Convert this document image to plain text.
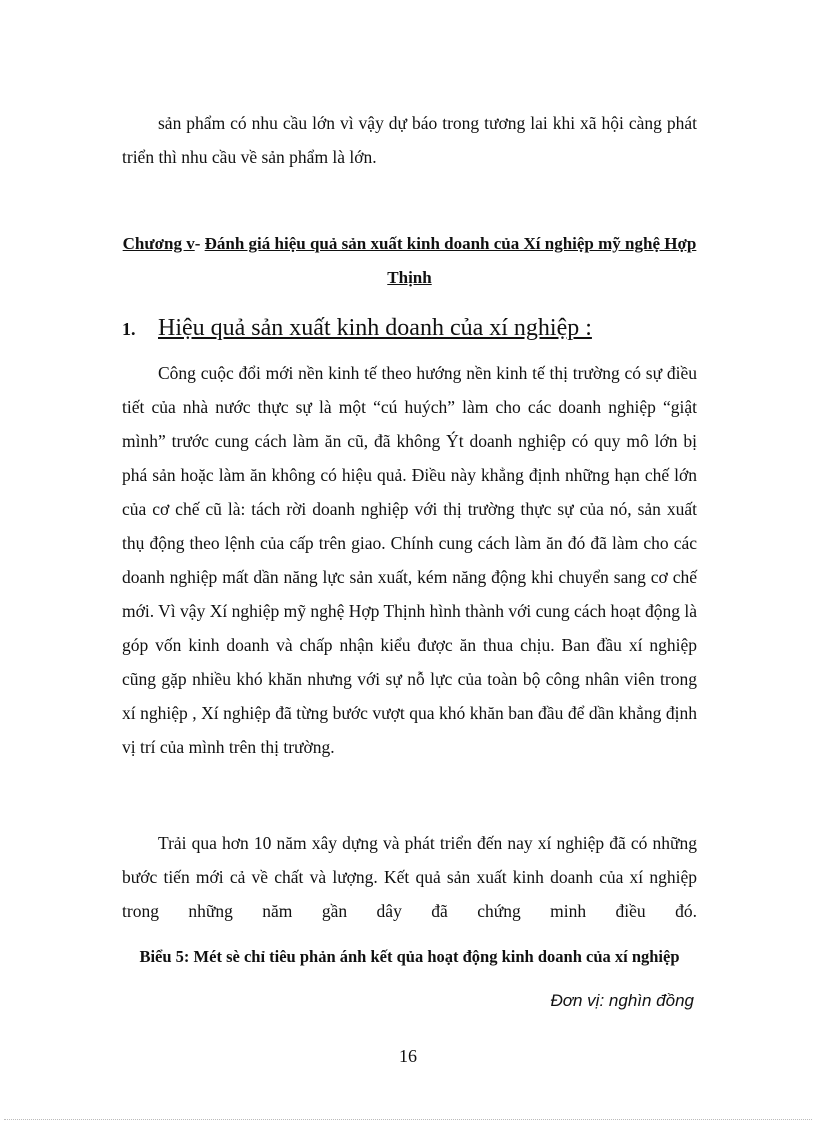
sản phẩm có nhu cầu lớn vì vậy dự báo trong tương lai khi xã hội càng phát triển thì nhu cầu về sản phẩm là lớn.

Chương v- Đánh giá hiệu quả sản xuất kinh doanh của Xí nghiệp mỹ nghệ Hợp Thịnh
1. Hiệu quả sản xuất kinh doanh của xí nghiệp :

Công cuộc đổi mới nền kinh tế theo hướng nền kinh tế thị trường có sự điều tiết của nhà nước thực sự là một “cú huých” làm cho các doanh nghiệp “giật mình” trước cung cách làm ăn cũ, đã không Ýt doanh nghiệp có quy mô lớn bị phá sản hoặc làm ăn không có hiệu quả. Điều này khẳng định những hạn chế lớn của cơ chế cũ là: tách rời doanh nghiệp với thị trường thực sự của nó, sản xuất thụ động theo lệnh của cấp trên giao. Chính cung cách làm ăn đó đã làm cho các doanh nghiệp mất dần năng lực sản xuất, kém năng động khi chuyển sang cơ chế mới. Vì vậy Xí nghiệp mỹ nghệ Hợp Thịnh hình thành với cung cách hoạt động là góp vốn kinh doanh và chấp nhận kiểu được ăn thua chịu. Ban đầu xí nghiệp cũng gặp nhiều khó khăn nhưng với sự nỗ lực của toàn bộ công nhân viên trong xí nghiệp , Xí nghiệp đã từng bước vượt qua khó khăn ban đầu để dần khẳng định vị trí của mình trên thị trường.

Trải qua hơn 10 năm xây dựng và phát triển đến nay xí nghiệp đã có những bước tiến mới cả về chất và lượng. Kết quả sản xuất kinh doanh của xí nghiệp trong những năm gần dây đã chứng minh điều đó.

Biểu 5: Mét sè chỉ tiêu phản ánh kết qủa hoạt động kinh doanh của xí nghiệp
Đơn vị: nghìn đồng
16
